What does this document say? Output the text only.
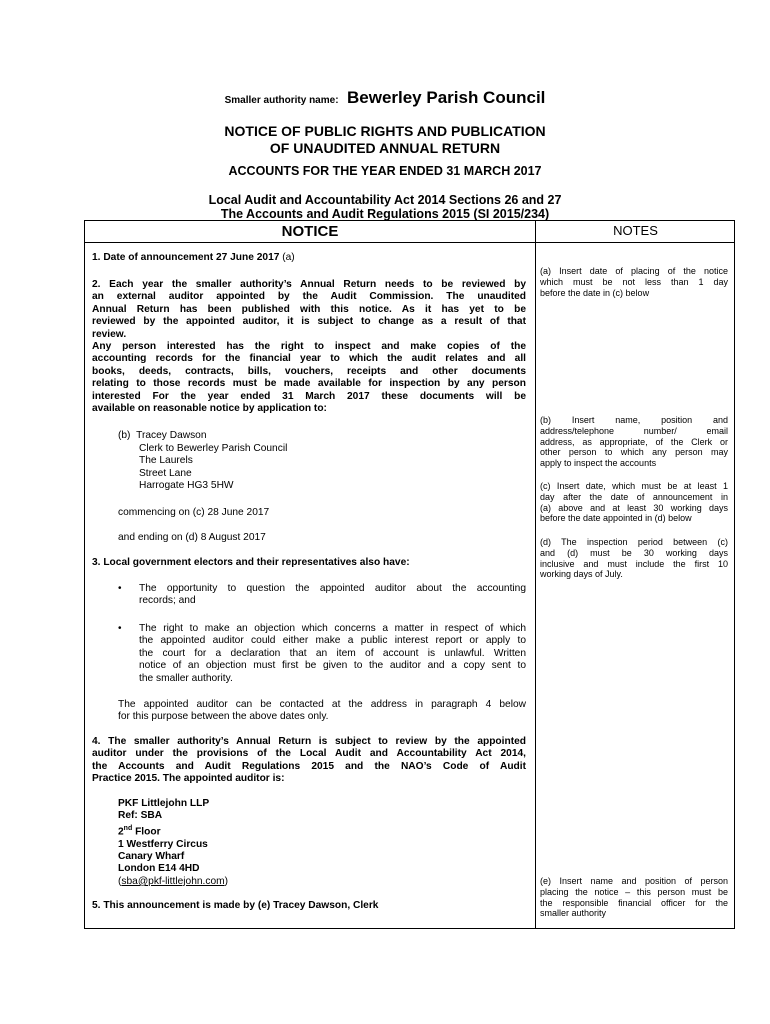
Smaller authority name: Bewerley Parish Council
NOTICE OF PUBLIC RIGHTS AND PUBLICATION
OF UNAUDITED ANNUAL RETURN
ACCOUNTS FOR THE YEAR ENDED 31 MARCH 2017
Local Audit and Accountability Act 2014 Sections 26 and 27
The Accounts and Audit Regulations 2015 (SI 2015/234)
NOTICE	NOTES
1. Date of announcement 27 June 2017 (a)
2. Each year the smaller authority’s Annual Return needs to be reviewed by
an external auditor appointed by the Audit Commission. The unaudited
Annual Return has been published with this notice. As it has yet to be
reviewed by the appointed auditor, it is subject to change as a result of that
review.
Any person interested has the right to inspect and make copies of the
accounting records for the financial year to which the audit relates and all
books, deeds, contracts, bills, vouchers, receipts and other documents
relating to those records must be made available for inspection by any person
interested For the year ended 31 March 2017 these documents will be
available on reasonable notice by application to:
(b) Tracey Dawson
Clerk to Bewerley Parish Council
The Laurels
Street Lane
Harrogate HG3 5HW
commencing on (c) 28 June 2017
and ending on (d) 8 August 2017
3. Local government electors and their representatives also have:
• The opportunity to question the appointed auditor about the accounting
records; and
• The right to make an objection which concerns a matter in respect of which
the appointed auditor could either make a public interest report or apply to
the court for a declaration that an item of account is unlawful. Written
notice of an objection must first be given to the auditor and a copy sent to
the smaller authority.
The appointed auditor can be contacted at the address in paragraph 4 below
for this purpose between the above dates only.
4. The smaller authority’s Annual Return is subject to review by the appointed
auditor under the provisions of the Local Audit and Accountability Act 2014,
the Accounts and Audit Regulations 2015 and the NAO’s Code of Audit
Practice 2015. The appointed auditor is:
PKF Littlejohn LLP
Ref: SBA
2nd Floor
1 Westferry Circus
Canary Wharf
London E14 4HD
(sba@pkf-littlejohn.com)
5. This announcement is made by (e) Tracey Dawson, Clerk
(a) Insert date of placing of the notice
which must be not less than 1 day
before the date in (c) below
(b) Insert name, position and
address/telephone number/ email
address, as appropriate, of the Clerk or
other person to which any person may
apply to inspect the accounts
(c) Insert date, which must be at least 1
day after the date of announcement in
(a) above and at least 30 working days
before the date appointed in (d) below
(d) The inspection period between (c)
and (d) must be 30 working days
inclusive and must include the first 10
working days of July.
(e) Insert name and position of person
placing the notice – this person must be
the responsible financial officer for the
smaller authority
